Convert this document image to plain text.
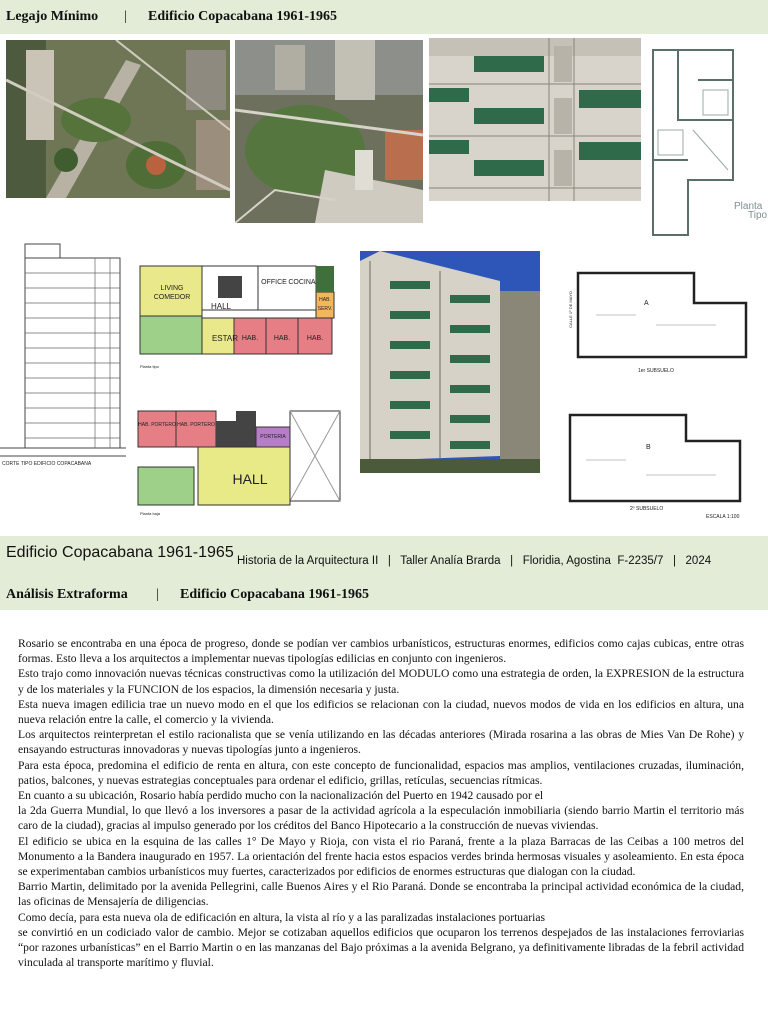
Legajo Mínimo | Edificio Copacabana 1961-1965
Planta
Tipo
CORTE TIPO EDIFICIO COPACABANA
LIVING COMEDOR
OFFICE COCINA
ESTAR
HALL
HAB. SERV.
HAB.	HAB.	HAB.
Planta tipo
A
B
1er SUBSUELO
2º SUBSUELO
ESCALA 1:100
CALLE 1º DE MAYO
HAB. PORTERO HAB. PORTERO
PORTERIA
HALL
Planta baja
Edificio Copacabana 1961-1965 Historia de la Arquitectura II   |   Taller Analía Brarda   |   Floridia, Agostina  F-2235/7   |   2024
Análisis Extraforma | Edificio Copacabana 1961-1965

Rosario se encontraba en una época de progreso, donde se podían ver cambios urbanísticos, estructuras enormes, edificios como cajas cubicas, entre otras formas. Esto lleva a los arquitectos a implementar nuevas tipologías edilicias en conjunto con ingenieros.

Esto trajo como innovación nuevas técnicas constructivas como la utilización del MODULO como una estrategia de orden, la EXPRESION de la estructura y de los materiales y la FUNCION de los espacios, la dimensión necesaria y justa.

Esta nueva imagen edilicia trae un nuevo modo en el que los edificios se relacionan con la ciudad, nuevos modos de vida en los edificios en altura, una nueva relación entre la calle, el comercio y la vivienda.

Los arquitectos reinterpretan el estilo racionalista que se venía utilizando en las décadas anteriores (Mirada rosarina a las obras de Mies Van De Rohe) y ensayando estructuras innovadoras y nuevas tipologías junto a ingenieros.

Para esta época, predomina el edificio de renta en altura, con este concepto de funcionalidad, espacios mas amplios, ventilaciones cruzadas, iluminación, patios, balcones, y nuevas estrategias conceptuales para ordenar el edificio, grillas, retículas, secuencias rítmicas.

En cuanto a su ubicación, Rosario había perdido mucho con la nacionalización del Puerto en 1942 causado por el

la 2da Guerra Mundial, lo que llevó a los inversores a pasar de la actividad agrícola a la especulación inmobiliaria (siendo barrio Martin el territorio más caro de la ciudad), gracias al impulso generado por los créditos del Banco Hipotecario a la construcción de nuevas viviendas.

El edificio se ubica en la esquina de las calles 1° De Mayo y Rioja, con vista el rio Paraná, frente a la plaza Barracas de las Ceibas a 100 metros del Monumento a la Bandera inaugurado en 1957. La orientación del frente hacia estos espacios verdes brinda hermosas visuales y asoleamiento. En esta época se experimentaban cambios urbanísticos muy fuertes, caracterizados por edificios de enormes estructuras que dialogan con la ciudad.

Barrio Martin, delimitado por la avenida Pellegrini, calle Buenos Aires y el Rio Paraná. Donde se encontraba la principal actividad económica de la ciudad, las oficinas de Mensajería de diligencias.

Como decía, para esta nueva ola de edificación en altura, la vista al río y a las paralizadas instalaciones portuarias

se convirtió en un codiciado valor de cambio. Mejor se cotizaban aquellos edificios que ocuparon los terrenos despejados de las instalaciones ferroviarias “por razones urbanísticas” en el Barrio Martin o en las manzanas del Bajo próximas a la avenida Belgrano, ya definitivamente libradas de la febril actividad vinculada al transporte marítimo y fluvial.
